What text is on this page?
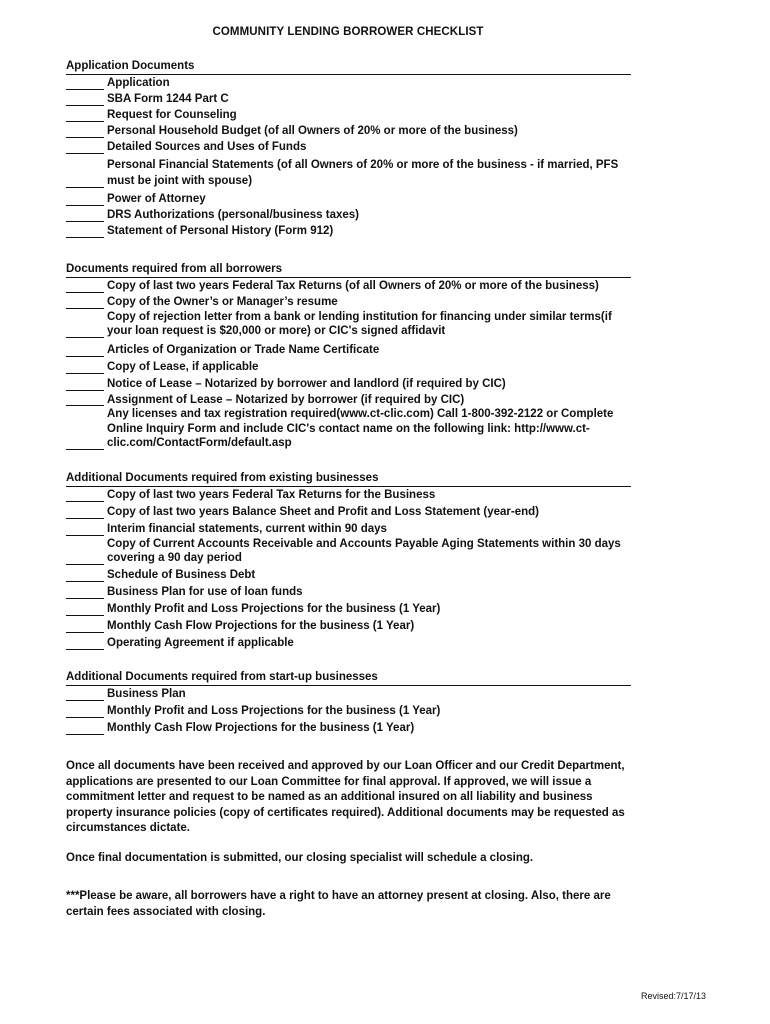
COMMUNITY LENDING BORROWER CHECKLIST
Application Documents
Application
SBA Form 1244 Part C
Request for Counseling
Personal Household Budget (of all Owners of 20% or more of the business)
Detailed Sources and Uses of Funds
Personal Financial Statements (of all Owners of 20% or more of the business - if married, PFS must be joint with spouse)
Power of Attorney
DRS Authorizations (personal/business taxes)
Statement of Personal History (Form 912)
Documents required from all borrowers
Copy of last two years Federal Tax Returns (of all Owners of 20% or more of the business)
Copy of the Owner’s or Manager’s resume
Copy of rejection letter from a bank or lending institution for financing under similar terms(if your loan request is $20,000 or more) or CIC's signed affidavit
Articles of Organization or Trade Name Certificate
Copy of Lease, if applicable
Notice of Lease – Notarized by borrower and landlord (if required by CIC)
Assignment of Lease – Notarized by borrower (if required by CIC)
Any licenses and tax registration required(www.ct-clic.com) Call 1-800-392-2122 or Complete Online Inquiry Form and include CIC's contact name on the following link: http://www.ct-clic.com/ContactForm/default.asp
Additional Documents required from existing businesses
Copy of last two years Federal Tax Returns for the Business
Copy of last two years Balance Sheet and Profit and Loss Statement (year-end)
Interim financial statements, current within 90 days
Copy of Current Accounts Receivable and Accounts Payable Aging Statements within 30 days covering a 90 day period
Schedule of Business Debt
Business Plan for use of loan funds
Monthly Profit and Loss Projections for the business (1 Year)
Monthly Cash Flow Projections for the business (1 Year)
Operating Agreement if applicable
Additional Documents required from start-up businesses
Business Plan
Monthly Profit and Loss Projections for the business (1 Year)
Monthly Cash Flow Projections for the business (1 Year)
Once all documents have been received and approved by our Loan Officer and our Credit Department, applications are presented to our Loan Committee for final approval. If approved, we will issue a commitment letter and request to be named as an additional insured on all liability and business property insurance policies (copy of certificates required). Additional documents may be requested as circumstances dictate.
Once final documentation is submitted, our closing specialist will schedule a closing.
***Please be aware, all borrowers have a right to have an attorney present at closing. Also, there are certain fees associated with closing.
Revised:7/17/13
